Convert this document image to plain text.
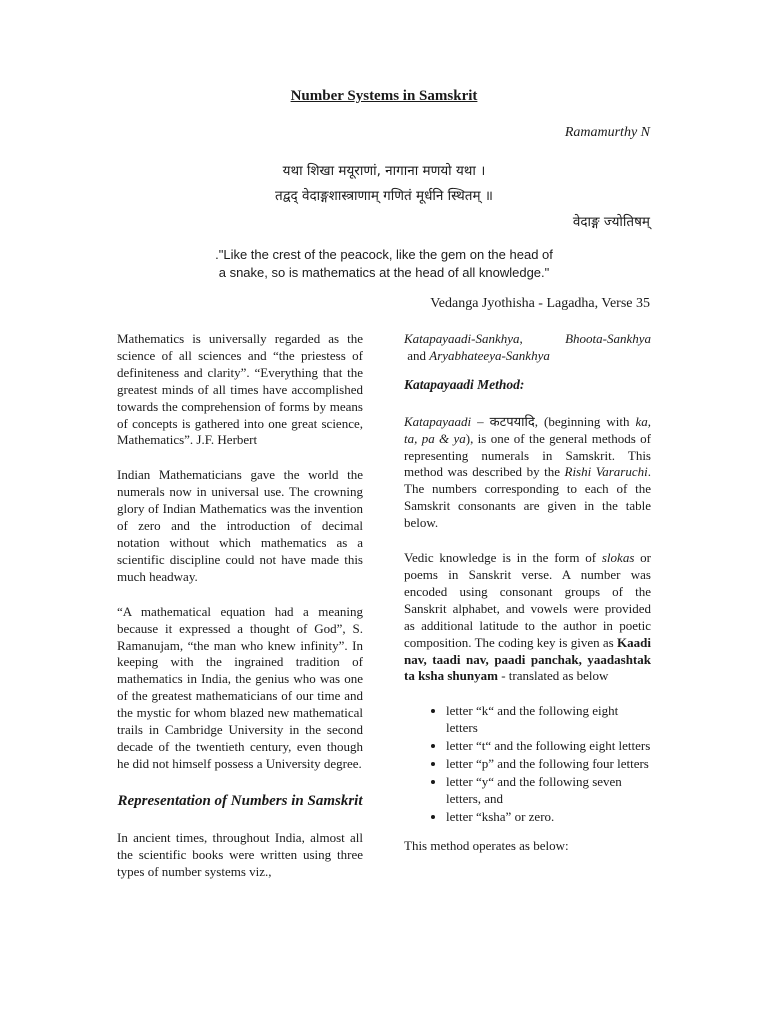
Number Systems in Samskrit
Ramamurthy N
यथा शिखा मयूराणां, नागाना मणयो यथा ।
तद्वद् वेदाङ्गशास्त्राणाम् गणितं मूर्धनि स्थितम् ॥
वेदाङ्ग ज्योतिषम्
."Like the crest of the peacock, like the gem on the head of
a snake, so is mathematics at the head of all knowledge."
Vedanga Jyothisha - Lagadha, Verse 35

Mathematics is universally regarded as the science of all sciences and “the priestess of definiteness and clarity”. “Everything that the greatest minds of all times have accomplished towards the comprehension of forms by means of concepts is gathered into one great science, Mathematics”. J.F. Herbert

Indian Mathematicians gave the world the numerals now in universal use. The crowning glory of Indian Mathematics was the invention of zero and the introduction of decimal notation without which mathematics as a scientific discipline could not have made this much headway.

“A mathematical equation had a meaning because it expressed a thought of God”, S. Ramanujam, “the man who knew infinity”. In keeping with the ingrained tradition of mathematics in India, the genius who was one of the greatest mathematicians of our time and the mystic for whom blazed new mathematical trails in Cambridge University in the second decade of the twentieth century, even though he did not himself possess a University degree.

Representation of Numbers in Samskrit

In ancient times, throughout India, almost all the scientific books were written using three types of number systems viz.,

Katapayaadi-Sankhya,      Bhoota-Sankhya and Aryabhateeya-Sankhya

Katapayaadi Method:

Katapayaadi – कटपयादि, (beginning with ka, ta, pa & ya), is one of the general methods of representing numerals in Samskrit. This method was described by the Rishi Vararuchi. The numbers corresponding to each of the Samskrit consonants are given in the table below.

Vedic knowledge is in the form of slokas or poems in Sanskrit verse. A number was encoded using consonant groups of the Sanskrit alphabet, and vowels were provided as additional latitude to the author in poetic composition. The coding key is given as Kaadi nav, taadi nav, paadi panchak, yaadashtak ta ksha shunyam - translated as below

• letter “k“ and the following eight letters
• letter “t“ and the following eight letters
• letter “p” and the following four letters
• letter “y“ and the following seven letters, and
• letter “ksha” or zero.

This method operates as below:
